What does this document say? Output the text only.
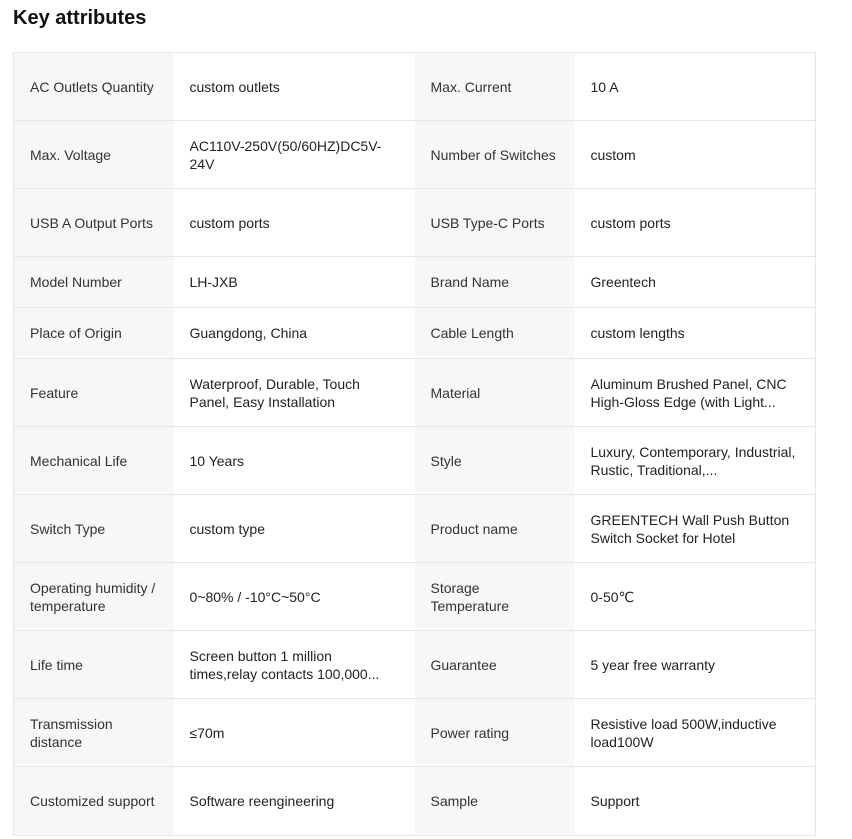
Key attributes
AC Outlets Quantity	custom outlets	Max. Current	10 A

Max. Voltage	AC110V-250V(50/60HZ)DC5V-24V	Number of Switches	custom

USB A Output Ports	custom ports	USB Type-C Ports	custom ports

Model Number	LH-JXB	Brand Name	Greentech

Place of Origin	Guangdong, China	Cable Length	custom lengths

Feature	Waterproof, Durable, Touch Panel, Easy Installation	Material	Aluminum Brushed Panel, CNC High-Gloss Edge (with Light...

Mechanical Life	10 Years	Style	Luxury, Contemporary, Industrial, Rustic, Traditional,...

Switch Type	custom type	Product name	GREENTECH Wall Push Button Switch Socket for Hotel

Operating humidity / temperature	0~80% / -10°C~50°C	Storage Temperature	0-50℃

Life time	Screen button 1 million times,relay contacts 100,000...	Guarantee	5 year free warranty

Transmission distance	≤70m	Power rating	Resistive load 500W,inductive load100W

Customized support	Software reengineering	Sample	Support
